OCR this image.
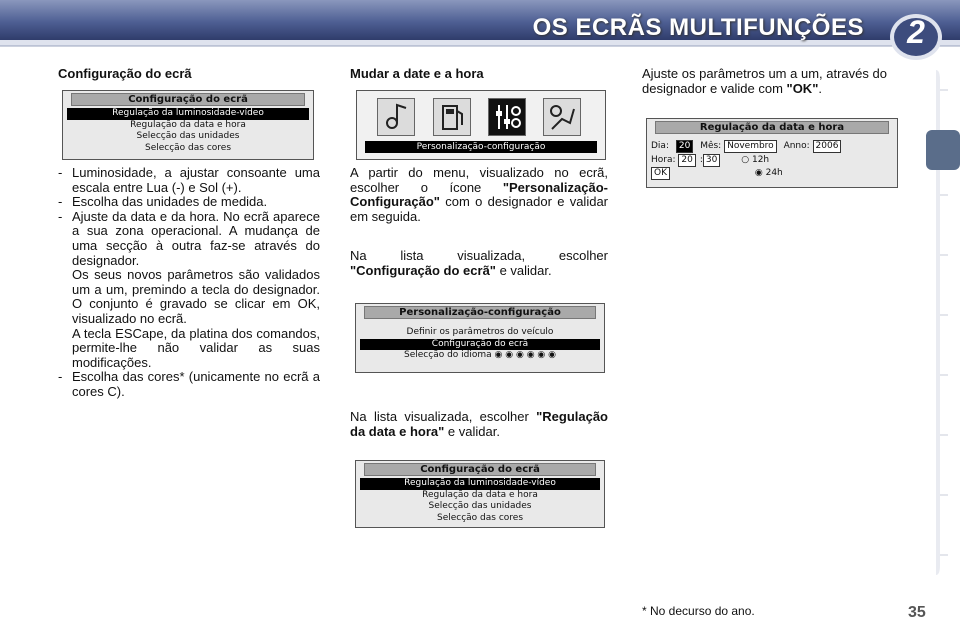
OS ECRÃS MULTIFUNÇÕES	2
Configuração do ecrã
Configuração do ecrã
Regulação da luminosidade-vídeo
Regulação da data e hora
Selecção das unidades
Selecção das cores
- Luminosidade, a ajustar consoante uma escala entre Lua (-) e Sol (+).
- Escolha das unidades de medida.
- Ajuste da data e da hora. No ecrã aparece a sua zona operacional. A mudança de uma secção à outra faz-se através do designador.

Os seus novos parâmetros são validados um a um, premindo a tecla do designador. O conjunto é gravado se clicar em OK, visualizado no ecrã.

A tecla ESCape, da platina dos comandos, permite-lhe não validar as suas modificações.

- Escolha das cores* (unicamente no ecrã a cores C).
Mudar a date e a hora
Personalização-configuração
A partir do menu, visualizado no ecrã, escolher o ícone "Personalização-Configuração" com o designador e validar em seguida.
Na lista visualizada, escolher "Configuração do ecrã" e validar.
Personalização-configuração
Definir os parâmetros do veículo
Configuração do ecrã
Selecção do idioma ◉ ◉ ◉ ◉ ◉ ◉
Na lista visualizada, escolher "Regulação da data e hora" e validar.
Configuração do ecrã
Regulação da luminosidade-vídeo
Regulação da data e hora
Selecção das unidades
Selecção das cores
Ajuste os parâmetros um a um, através do designador e valide com "OK".
Regulação da data e hora
Dia: 20 Mês: Novembro Anno: 2006
Hora: 20 : 30	○ 12h
OK	◉ 24h
* No decurso do ano.	35
